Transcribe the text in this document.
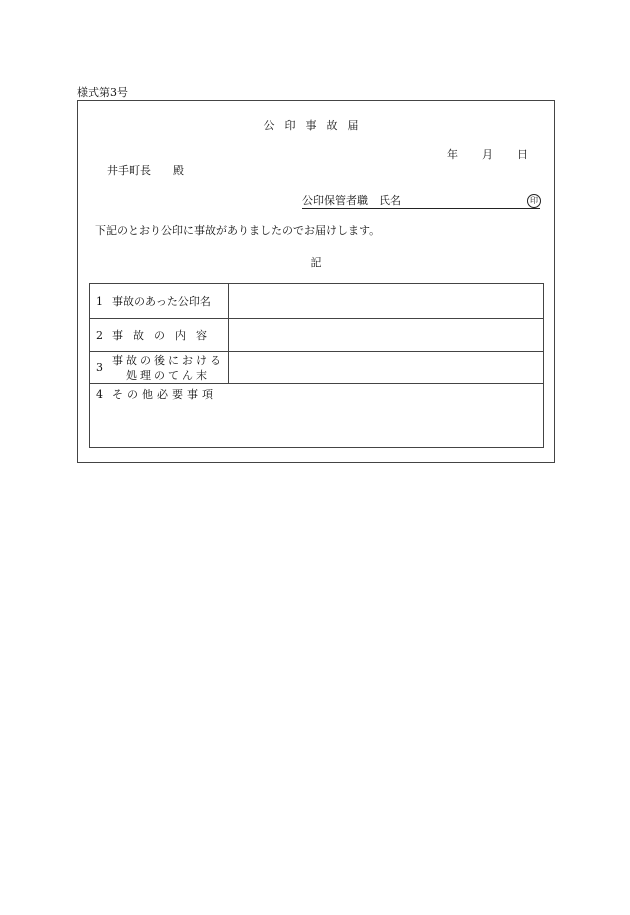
様式第3号
公印事故届
年 月 日
井手町長　　殿
公印保管者職　氏名	印
下記のとおり公印に事故がありましたのでお届けします。
記
1 事故のあった公印名	
2 事故の内容	
3
事故の後における
処理のてん末	

4 その他必要事項	
